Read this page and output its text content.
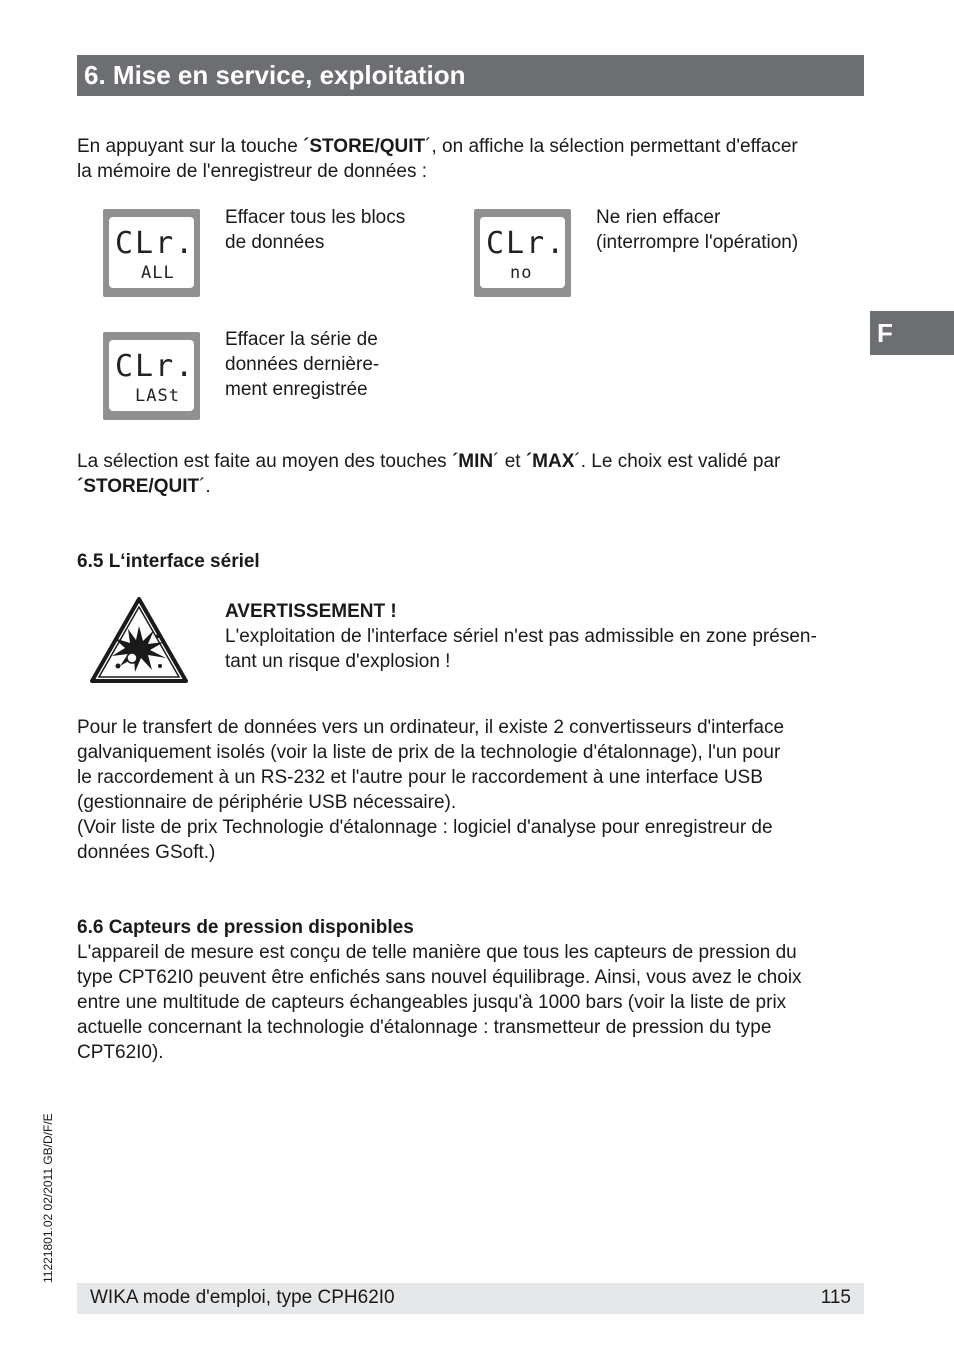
6. Mise en service, exploitation
F
En appuyant sur la touche ´STORE/QUIT´, on affiche la sélection permettant d'effacer
la mémoire de l'enregistreur de données :
CLr.
ALL
Effacer tous les blocs
de données	CLr.
no
Ne rien effacer
(interrompre l'opération)
CLr.
LASt
Effacer la série de
données dernière-
ment enregistrée
La sélection est faite au moyen des touches ´MIN´ et ´MAX´. Le choix est validé par
´STORE/QUIT´.
6.5 L‘interface sériel
AVERTISSEMENT !
L'exploitation de l'interface sériel n'est pas admissible en zone présen-
tant un risque d'explosion !
Pour le transfert de données vers un ordinateur, il existe 2 convertisseurs d'interface
galvaniquement isolés (voir la liste de prix de la technologie d'étalonnage), l'un pour
le raccordement à un RS-232 et l'autre pour le raccordement à une interface USB
(gestionnaire de périphérie USB nécessaire).
(Voir liste de prix Technologie d'étalonnage : logiciel d'analyse pour enregistreur de
données GSoft.)
6.6 Capteurs de pression disponibles
L'appareil de mesure est conçu de telle manière que tous les capteurs de pression du
type CPT62I0 peuvent être enfichés sans nouvel équilibrage. Ainsi, vous avez le choix
entre une multitude de capteurs échangeables jusqu'à 1000 bars (voir la liste de prix
actuelle concernant la technologie d'étalonnage : transmetteur de pression du type
CPT62I0).
11221801.02 02/2011 GB/D/F/E
WIKA mode d'emploi, type CPH62I0	115
